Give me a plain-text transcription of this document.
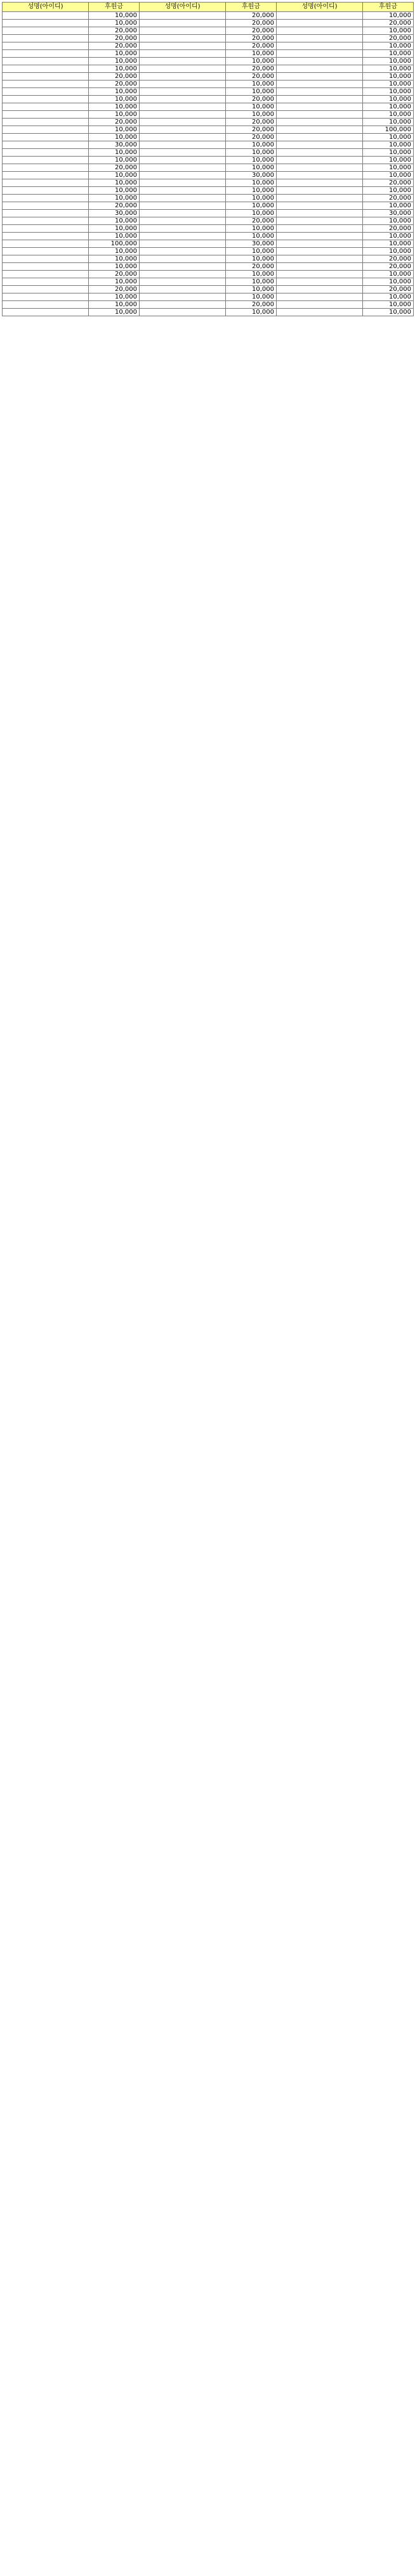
성명(아이디)	후원금	성명(아이디)	후원금	성명(아이디)	후원금
	10,000		20,000		10,000
	10,000		20,000		20,000
	20,000		20,000		10,000
	20,000		20,000		20,000
	20,000		20,000		10,000
	10,000		10,000		10,000
	10,000		10,000		10,000
	10,000		20,000		10,000
	20,000		20,000		10,000
	20,000		10,000		10,000
	10,000		10,000		10,000
	10,000		20,000		10,000
	10,000		10,000		10,000
	10,000		10,000		10,000
	20,000		20,000		10,000
	10,000		20,000		100,000
	10,000		20,000		10,000
	30,000		10,000		10,000
	10,000		10,000		10,000
	10,000		10,000		10,000
	20,000		10,000		10,000
	10,000		30,000		10,000
	10,000		10,000		20,000
	10,000		10,000		10,000
	10,000		10,000		20,000
	20,000		10,000		10,000
	30,000		10,000		30,000
	10,000		20,000		10,000
	10,000		10,000		20,000
	10,000		10,000		10,000
	100,000		30,000		10,000
	10,000		10,000		10,000
	10,000		10,000		20,000
	10,000		20,000		20,000
	20,000		10,000		10,000
	10,000		10,000		10,000
	20,000		10,000		20,000
	10,000		10,000		10,000
	10,000		20,000		10,000
	10,000		10,000		10,000
